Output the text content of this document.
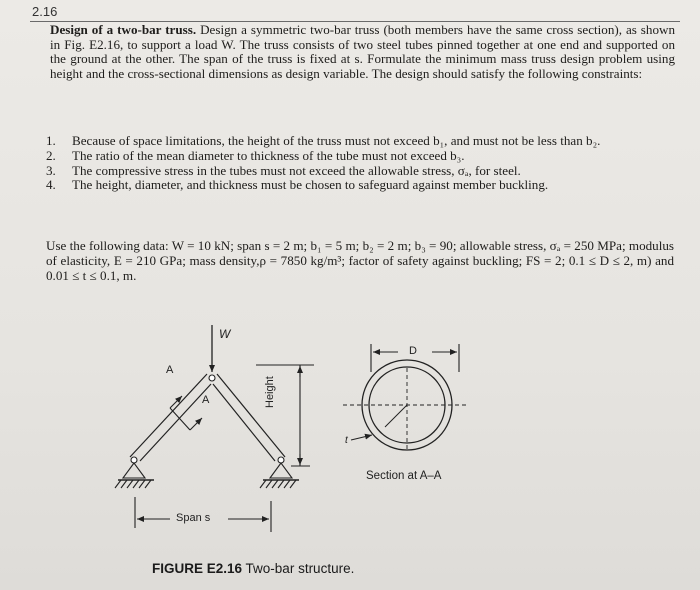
2.16
Design of a two-bar truss. Design a symmetric two-bar truss (both members have the same cross section), as shown in Fig. E2.16, to support a load W. The truss consists of two steel tubes pinned together at one end and supported on the ground at the other. The span of the truss is fixed at s. Formulate the minimum mass truss design problem using height and the cross-sectional dimensions as design variable. The design should satisfy the following constraints:
1. Because of space limitations, the height of the truss must not exceed b₁, and must not be less than b₂.
2. The ratio of the mean diameter to thickness of the tube must not exceed b₃.
3. The compressive stress in the tubes must not exceed the allowable stress, σₐ, for steel.
4. The height, diameter, and thickness must be chosen to safeguard against member buckling.
Use the following data: W = 10 kN; span s = 2 m; b₁ = 5 m; b₂ = 2 m; b₃ = 90; allowable stress, σₐ = 250 MPa; modulus of elasticity, E = 210 GPa; mass density,ρ = 7850 kg/m³; factor of safety against buckling; FS = 2; 0.1 ≤ D ≤ 2, m) and 0.01 ≤ t ≤ 0.1, m.
W
A
A	Height
Span s
D
t
Section at A–A
FIGURE E2.16 Two-bar structure.
